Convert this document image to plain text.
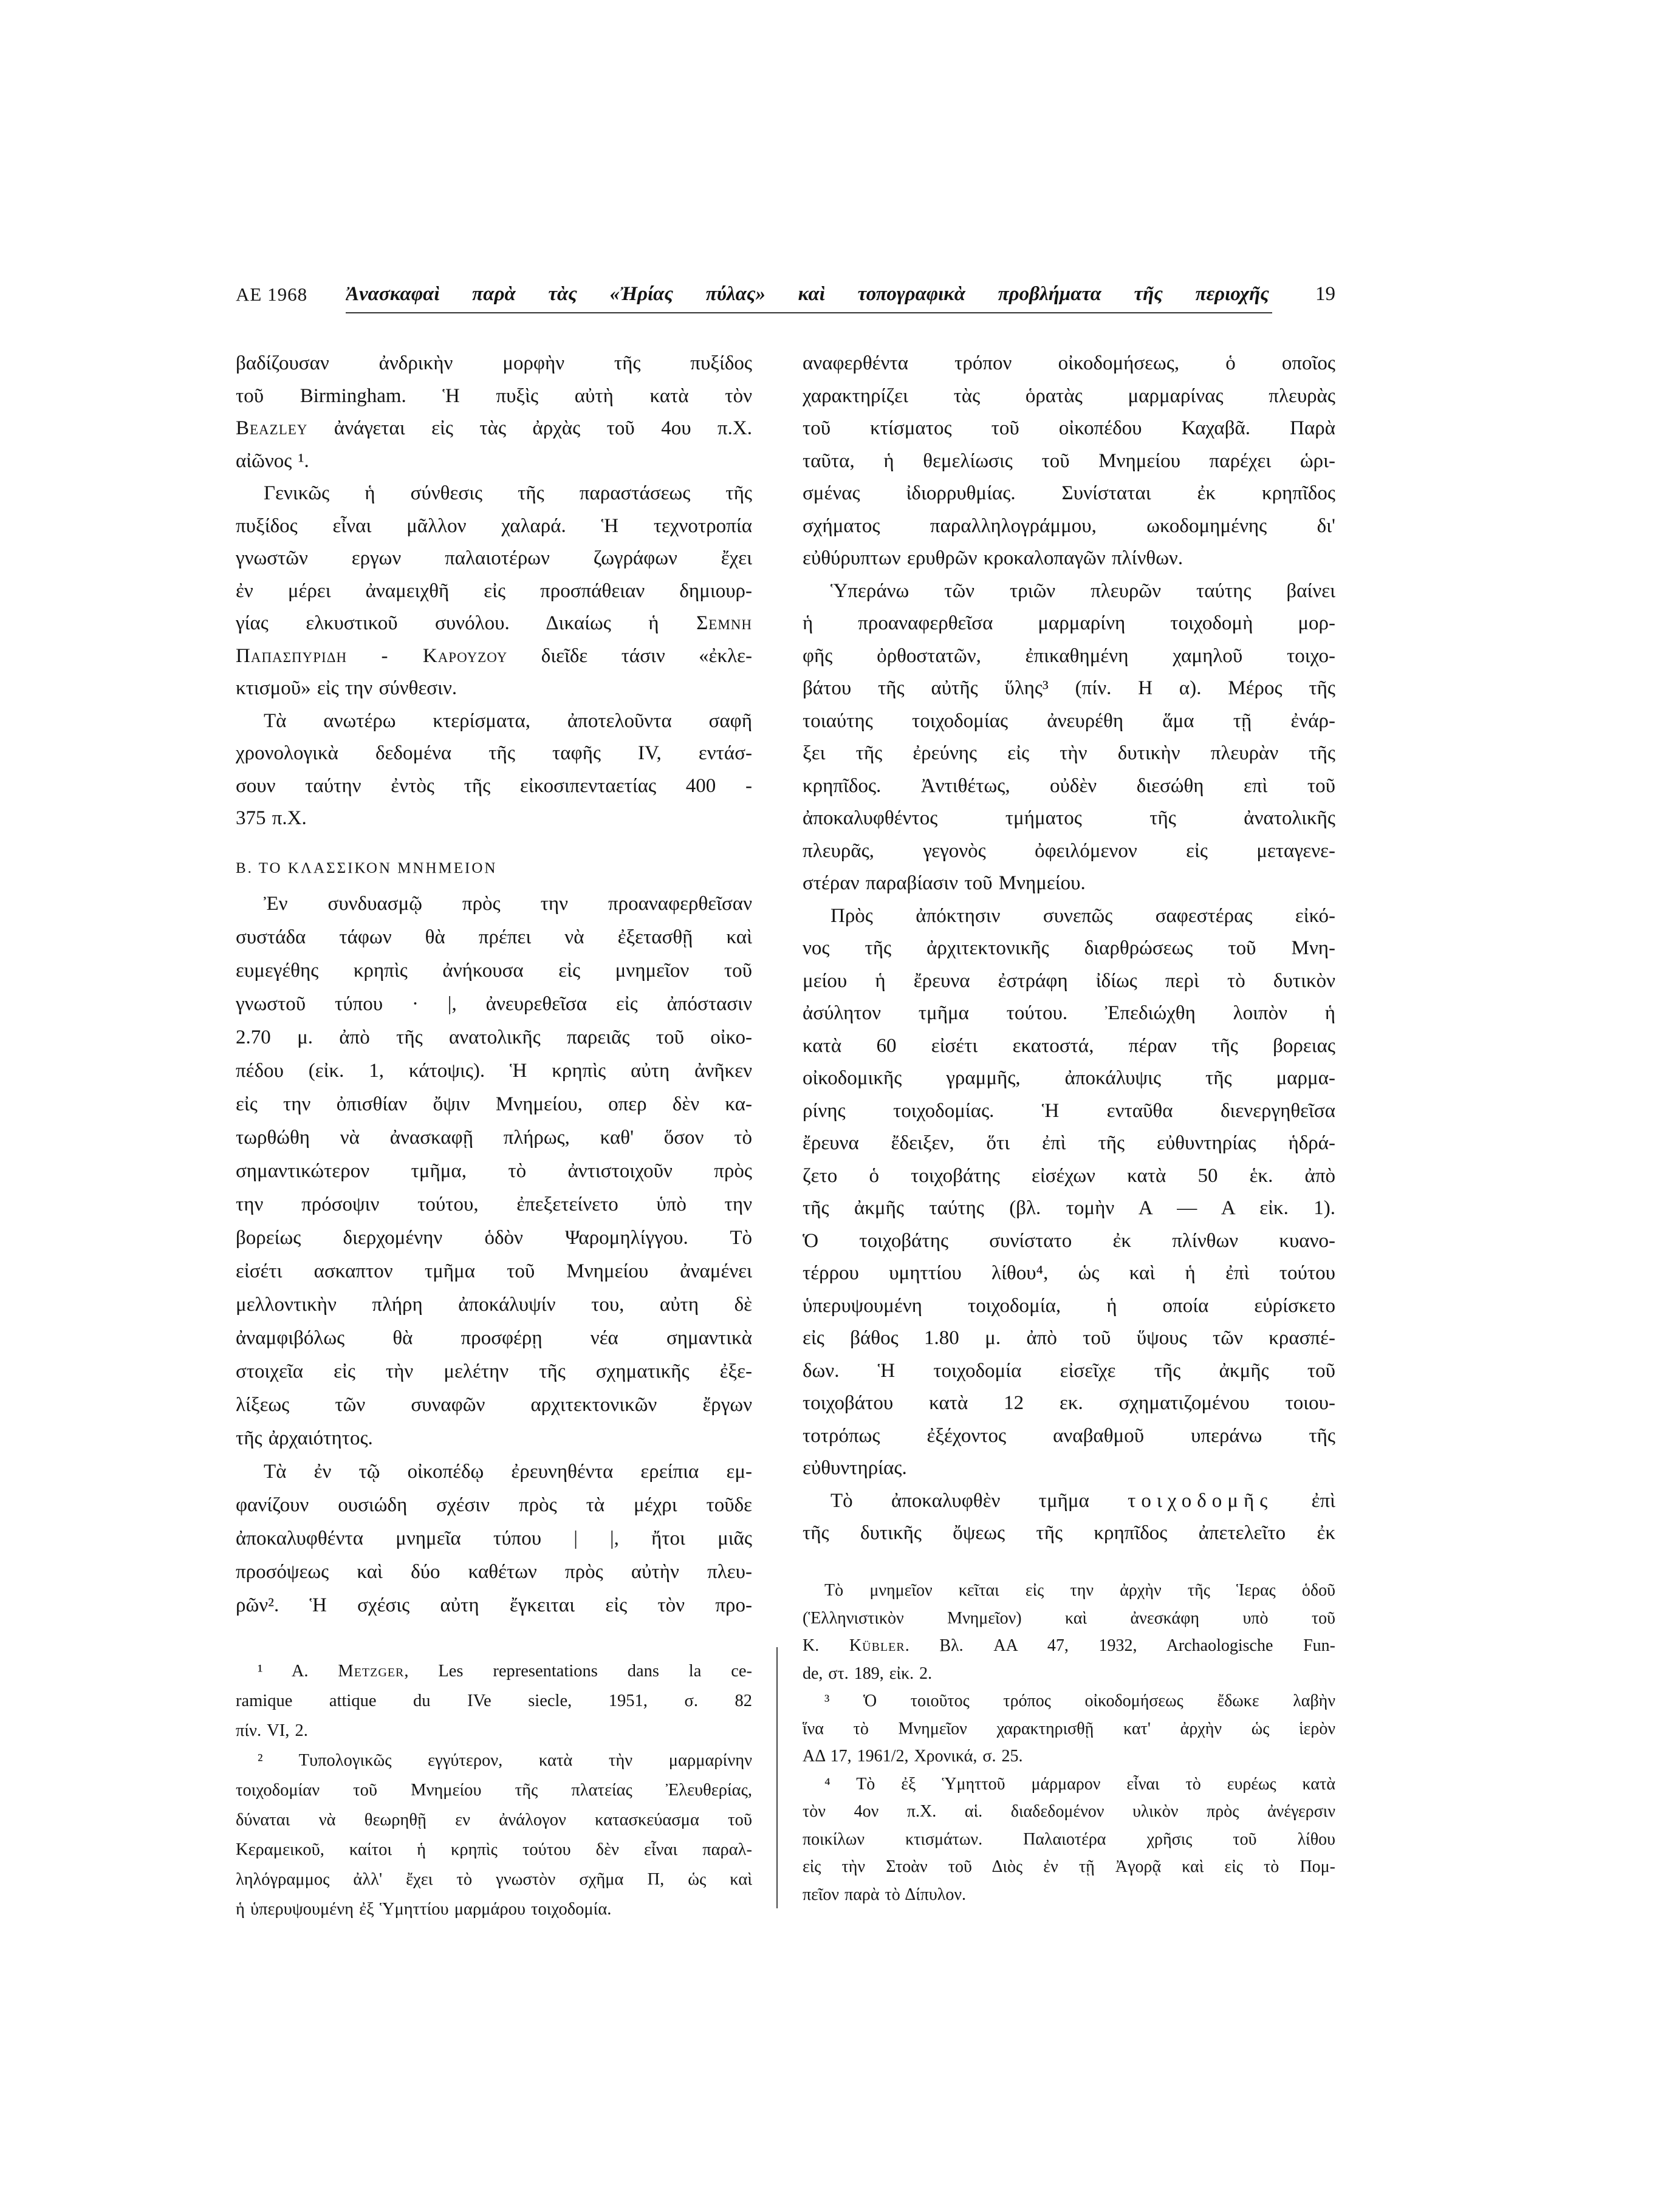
ΑΕ 1968 Ἀνασκαφαὶ παρὰ τὰς «Ἠρίας πύλας» καὶ τοπογραφικὰ προβλήματα τῆς περιοχῆς	19
βαδίζουσαν ἀνδρικὴν μορφὴν τῆς πυξίδος
τοῦ Birmingham. Ἡ πυξὶς αὐτὴ κατὰ τὸν
Beazley ἀνάγεται εἰς τὰς ἀρχὰς τοῦ 4ου π.Χ.
αἰῶνος ¹.
Γενικῶς ἡ σύνθεσις τῆς παραστάσεως τῆς
πυξίδος εἶναι μᾶλλον χαλαρά. Ἡ τεχνοτροπία
γνωστῶν εργων παλαιοτέρων ζωγράφων ἔχει
ἐν μέρει ἀναμειχθῆ εἰς προσπάθειαν δημιουρ-
γίας ελκυστικοῦ συνόλου. Δικαίως ἡ Σεμνη
Παπασπυριδη - Καρουζου διεῖδε τάσιν «ἐκλε-
κτισμοῦ» εἰς την σύνθεσιν.
Τὰ ανωτέρω κτερίσματα, ἀποτελοῦντα σαφῆ
χρονολογικὰ δεδομένα τῆς ταφῆς IV, εντάσ-
σουν ταύτην ἐντὸς τῆς εἰκοσιπενταετίας 400 -
375 π.Χ.
Β. ΤΟ ΚΛΑΣΣΙΚΟΝ ΜΝΗΜΕΙΟΝ
Ἐν συνδυασμῷ πρὸς την προαναφερθεῖσαν
συστάδα τάφων θὰ πρέπει νὰ ἐξετασθῇ καὶ
ευμεγέθης κρηπὶς ἀνήκουσα εἰς μνημεῖον τοῦ
γνωστοῦ τύπου · |, ἀνευρεθεῖσα εἰς ἀπόστασιν
2.70 μ. ἀπὸ τῆς ανατολικῆς παρειᾶς τοῦ οἰκο-
πέδου (εἰκ. 1, κάτοψις). Ἡ κρηπὶς αὐτη ἀνῆκεν
εἰς την ὀπισθίαν ὄψιν Μνημείου, οπερ δὲν κα-
τωρθώθη νὰ ἀνασκαφῇ πλήρως, καθ' ὅσον τὸ
σημαντικώτερον τμῆμα, τὸ ἀντιστοιχοῦν πρὸς
την πρόσοψιν τούτου, ἐπεξετείνετο ὑπὸ την
βορείως διερχομένην ὁδὸν Ψαρομηλίγγου. Τὸ
εἰσέτι ασκαπτον τμῆμα τοῦ Μνημείου ἀναμένει
μελλοντικὴν πλήρη ἀποκάλυψίν του, αὐτη δὲ
ἀναμφιβόλως θὰ προσφέρῃ νέα σημαντικὰ
στοιχεῖα εἰς τὴν μελέτην τῆς σχηματικῆς ἐξε-
λίξεως τῶν συναφῶν αρχιτεκτονικῶν ἔργων
τῆς ἀρχαιότητος.
Τὰ ἐν τῷ οἰκοπέδῳ ἐρευνηθέντα ερείπια εμ-
φανίζουν ουσιώδη σχέσιν πρὸς τὰ μέχρι τοῦδε
ἀποκαλυφθέντα μνημεῖα τύπου | |, ἤτοι μιᾶς
προσόψεως καὶ δύο καθέτων πρὸς αὐτὴν πλευ-
ρῶν². Ἡ σχέσις αὐτη ἔγκειται εἰς τὸν προ-
¹ A. Metzger, Les representations dans la ce-
ramique attique du IVe siecle, 1951, σ. 82
πίν. VI, 2.
² Τυπολογικῶς εγγύτερον, κατὰ τὴν μαρμαρίνην
τοιχοδομίαν τοῦ Μνημείου τῆς πλατείας Ἐλευθερίας,
δύναται νὰ θεωρηθῇ εν ἀνάλογον κατασκεύασμα τοῦ
Κεραμεικοῦ, καίτοι ἡ κρηπὶς τούτου δὲν εἶναι παραλ-
ληλόγραμμος ἀλλ' ἔχει τὸ γνωστὸν σχῆμα Π, ὡς καὶ
ἡ ὑπερυψουμένη ἐξ Ὑμηττίου μαρμάρου τοιχοδομία.
αναφερθέντα τρόπον οἰκοδομήσεως, ὁ οποῖος
χαρακτηρίζει τὰς ὁρατὰς μαρμαρίνας πλευρὰς
τοῦ κτίσματος τοῦ οἰκοπέδου Καχαβᾶ. Παρὰ
ταῦτα, ἡ θεμελίωσις τοῦ Μνημείου παρέχει ὡρι-
σμένας ἰδιορρυθμίας. Συνίσταται ἐκ κρηπῖδος
σχήματος παραλληλογράμμου, ωκοδομημένης δι'
εὐθύρυπτων ερυθρῶν κροκαλοπαγῶν πλίνθων.
Ὑπεράνω τῶν τριῶν πλευρῶν ταύτης βαίνει
ἡ προαναφερθεῖσα μαρμαρίνη τοιχοδομὴ μορ-
φῆς ὀρθοστατῶν, ἐπικαθημένη χαμηλοῦ τοιχο-
βάτου τῆς αὐτῆς ὕλης³ (πίν. Η α). Μέρος τῆς
τοιαύτης τοιχοδομίας ἀνευρέθη ἅμα τῇ ἐνάρ-
ξει τῆς ἐρεύνης εἰς τὴν δυτικὴν πλευρὰν τῆς
κρηπῖδος. Ἀντιθέτως, οὐδὲν διεσώθη επὶ τοῦ
ἀποκαλυφθέντος τμήματος τῆς ἀνατολικῆς
πλευρᾶς, γεγονὸς ὀφειλόμενον εἰς μεταγενε-
στέραν παραβίασιν τοῦ Μνημείου.
Πρὸς ἀπόκτησιν συνεπῶς σαφεστέρας εἰκό-
νος τῆς ἀρχιτεκτονικῆς διαρθρώσεως τοῦ Μνη-
μείου ἡ ἔρευνα ἐστράφη ἰδίως περὶ τὸ δυτικὸν
ἀσύλητον τμῆμα τούτου. Ἐπεδιώχθη λοιπὸν ἡ
κατὰ 60 εἰσέτι εκατοστά, πέραν τῆς βορειας
οἰκοδομικῆς γραμμῆς, ἀποκάλυψις τῆς μαρμα-
ρίνης τοιχοδομίας. Ἡ ενταῦθα διενεργηθεῖσα
ἔρευνα ἔδειξεν, ὅτι ἐπὶ τῆς εὐθυντηρίας ἡδρά-
ζετο ὁ τοιχοβάτης εἰσέχων κατὰ 50 ἑκ. ἀπὸ
τῆς ἀκμῆς ταύτης (βλ. τομὴν Α — Α εἰκ. 1).
Ὁ τοιχοβάτης συνίστατο ἐκ πλίνθων κυανο-
τέρρου υμηττίου λίθου⁴, ὡς καὶ ἡ ἐπὶ τούτου
ὑπερυψουμένη τοιχοδομία, ἡ οποία εὑρίσκετο
εἰς βάθος 1.80 μ. ἀπὸ τοῦ ὕψους τῶν κρασπέ-
δων. Ἡ τοιχοδομία εἰσεῖχε τῆς ἀκμῆς τοῦ
τοιχοβάτου κατὰ 12 εκ. σχηματιζομένου τοιου-
τοτρόπως ἐξέχοντος αναβαθμοῦ υπεράνω τῆς
εὐθυντηρίας.
Τὸ ἀποκαλυφθὲν τμῆμα τοιχοδομῆς ἐπὶ
τῆς δυτικῆς ὄψεως τῆς κρηπῖδος ἀπετελεῖτο ἐκ
Τὸ μνημεῖον κεῖται εἰς την ἀρχὴν τῆς Ἱερας ὁδοῦ
(Ἑλληνιστικὸν Μνημεῖον) καὶ ἀνεσκάφη υπὸ τοῦ
Κ. Kübler. Βλ. AA 47, 1932, Archaologische Fun-
de, στ. 189, εἰκ. 2.
³ Ὁ τοιοῦτος τρόπος οἰκοδομήσεως ἔδωκε λαβὴν
ἵνα τὸ Μνημεῖον χαρακτηρισθῇ κατ' ἀρχὴν ὡς ἱερὸν
ΑΔ 17, 1961/2, Χρονικά, σ. 25.
⁴ Τὸ ἐξ Ὑμηττοῦ μάρμαρον εἶναι τὸ ευρέως κατὰ
τὸν 4ον π.Χ. αἱ. διαδεδομένον υλικὸν πρὸς ἀνέγερσιν
ποικίλων κτισμάτων. Παλαιοτέρα χρῆσις τοῦ λίθου
εἰς τὴν Στοὰν τοῦ Διὸς ἐν τῇ Ἀγορᾷ καὶ εἰς τὸ Πομ-
πεῖον παρὰ τὸ Δίπυλον.
